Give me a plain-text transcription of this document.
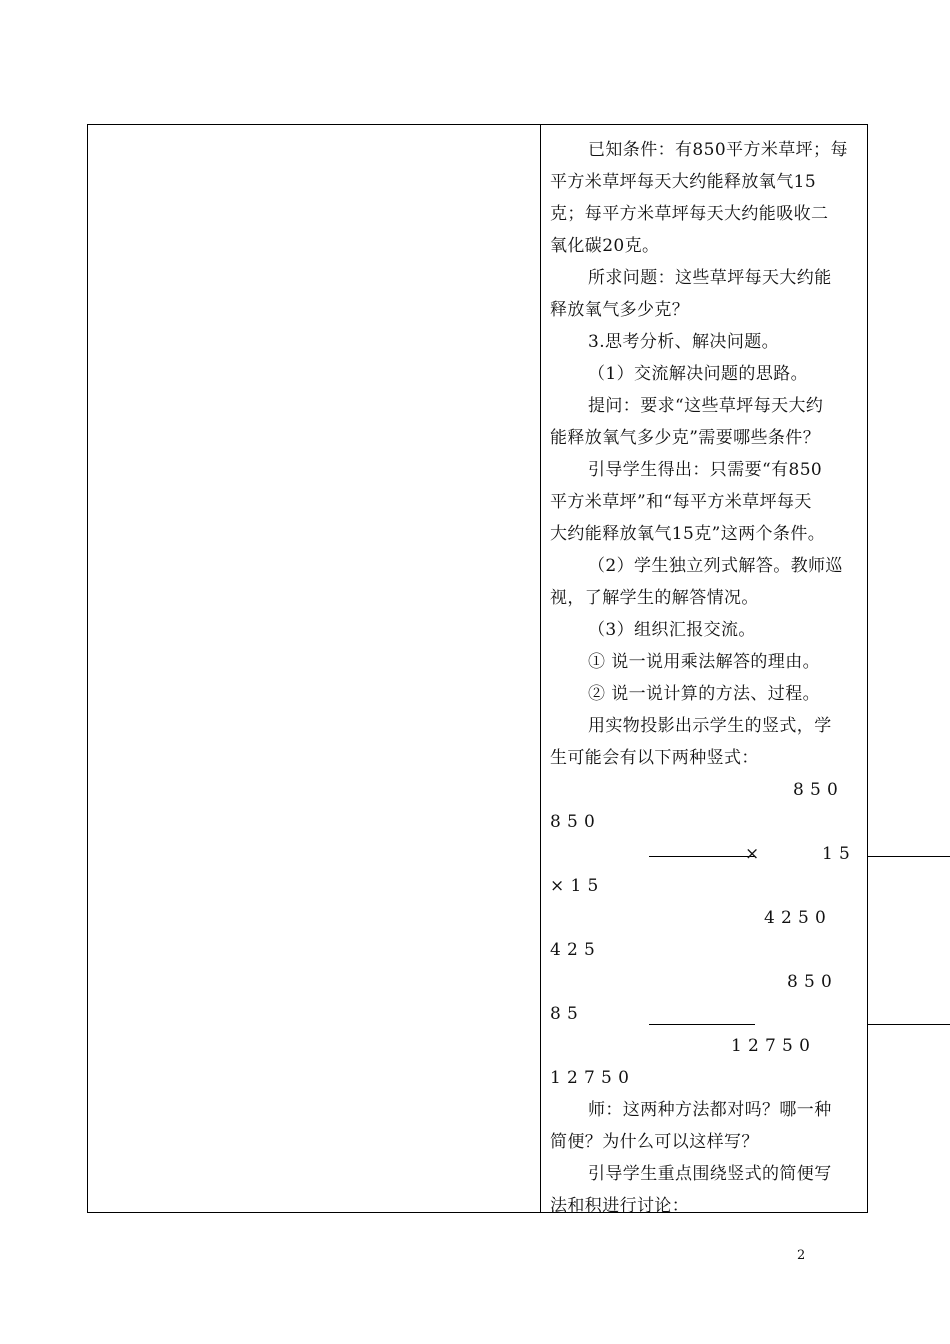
已知条件：有850平方米草坪；每
平方米草坪每天大约能释放氧气15
克；每平方米草坪每天大约能吸收二
氧化碳20克。
所求问题：这些草坪每天大约能
释放氧气多少克？
3.思考分析、解决问题。
（1）交流解决问题的思路。
提问：要求“这些草坪每天大约
能释放氧气多少克”需要哪些条件？
引导学生得出：只需要“有850
平方米草坪”和“每平方米草坪每天
大约能释放氧气15克”这两个条件。
（2）学生独立列式解答。教师巡
视，了解学生的解答情况。
（3）组织汇报交流。
① 说一说用乘法解答的理由。
② 说一说计算的方法、过程。
用实物投影出示学生的竖式，学
生可能会有以下两种竖式：
8 5 0
8 5 0
×	1 5
× 1 5
4 2 5 0
4 2 5
8 5 0
8 5
1 2 7 5 0
1 2 7 5 0
师：这两种方法都对吗？哪一种
简便？为什么可以这样写？
引导学生重点围绕竖式的简便写
法和积进行讨论：
2
